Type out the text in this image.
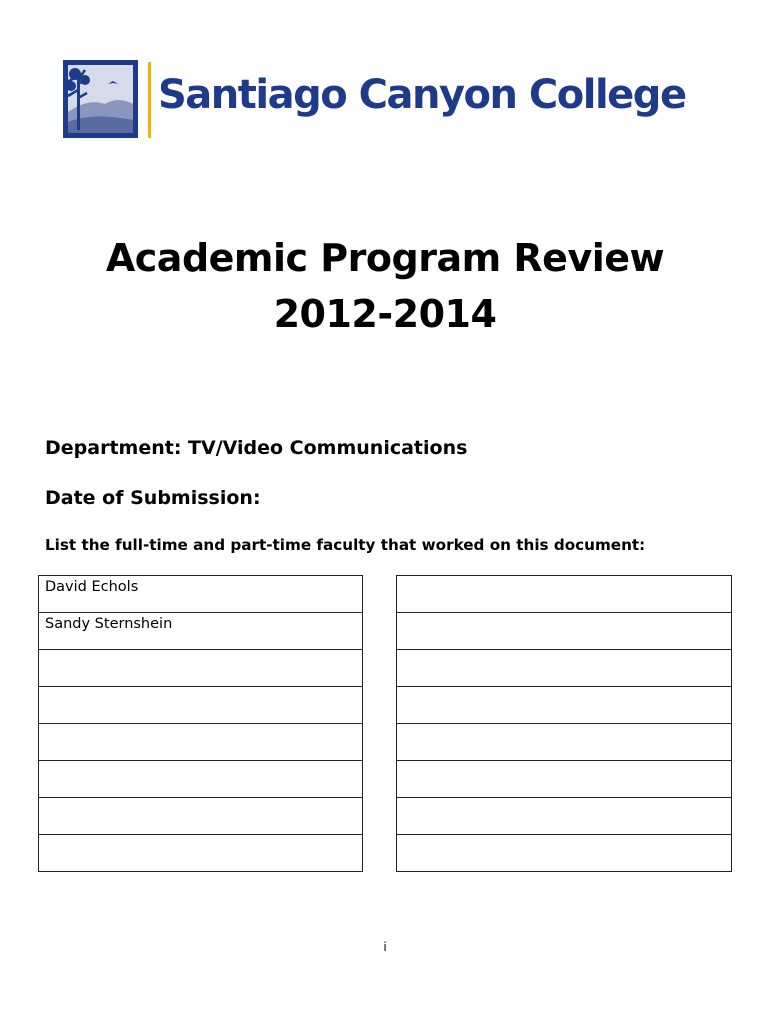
Santiago Canyon College
Academic Program Review
2012-2014
Department: TV/Video Communications
Date of Submission:
List the full-time and part-time faculty that worked on this document:
David Echols
Sandy Sternshein

i
